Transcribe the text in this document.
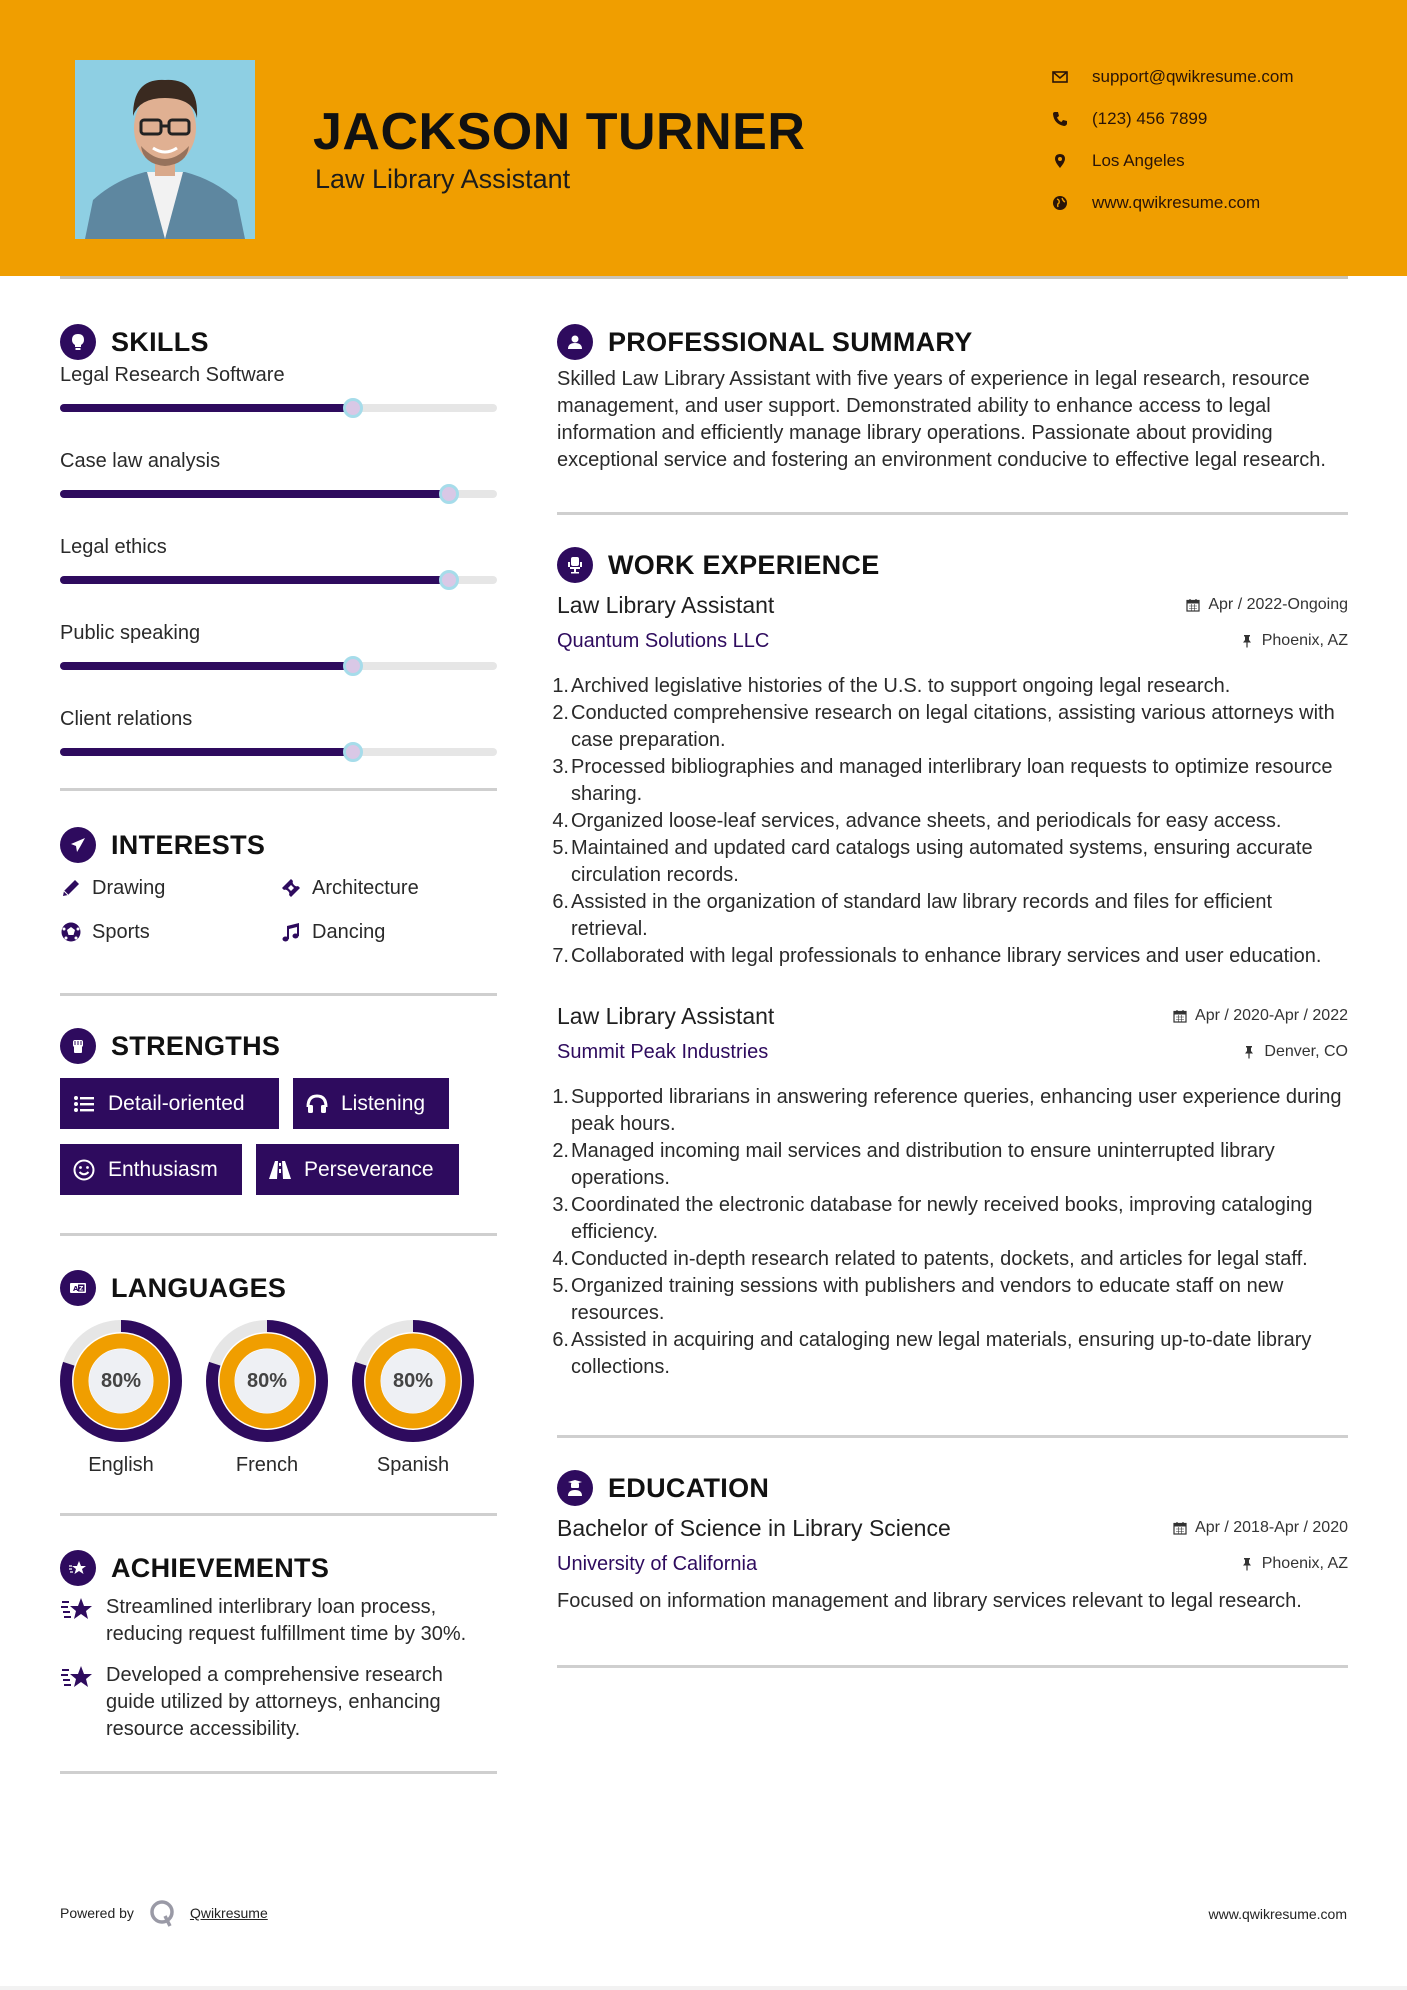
JACKSON TURNER
Law Library Assistant
support@qwikresume.com
(123) 456 7899
Los Angeles
www.qwikresume.com
SKILLS
Legal Research Software
Case law analysis
Legal ethics
Public speaking
Client relations
INTERESTS
Drawing	Architecture
Sports	Dancing
STRENGTHS
Detail-oriented	Listening
Enthusiasm	Perseverance
A Z LANGUAGES
80%
English
80%
French
80%
Spanish
ACHIEVEMENTS
Streamlined interlibrary loan process, reducing request fulfillment time by 30%.
Developed a comprehensive research guide utilized by attorneys, enhancing resource accessibility.
PROFESSIONAL SUMMARY

Skilled Law Library Assistant with five years of experience in legal research, resource management, and user support. Demonstrated ability to enhance access to legal information and efficiently manage library operations. Passionate about providing exceptional service and fostering an environment conducive to effective legal research.

WORK EXPERIENCE
Law Library Assistant	Apr / 2022-Ongoing
Quantum Solutions LLC	Phoenix, AZ
1. Archived legislative histories of the U.S. to support ongoing legal research.
2. Conducted comprehensive research on legal citations, assisting various attorneys with case preparation.
3. Processed bibliographies and managed interlibrary loan requests to optimize resource sharing.
4. Organized loose-leaf services, advance sheets, and periodicals for easy access.
5. Maintained and updated card catalogs using automated systems, ensuring accurate circulation records.
6. Assisted in the organization of standard law library records and files for efficient retrieval.
7. Collaborated with legal professionals to enhance library services and user education.
Law Library Assistant	Apr / 2020-Apr / 2022
Summit Peak Industries	Denver, CO
1. Supported librarians in answering reference queries, enhancing user experience during peak hours.
2. Managed incoming mail services and distribution to ensure uninterrupted library operations.
3. Coordinated the electronic database for newly received books, improving cataloging efficiency.
4. Conducted in-depth research related to patents, dockets, and articles for legal staff.
5. Organized training sessions with publishers and vendors to educate staff on new resources.
6. Assisted in acquiring and cataloging new legal materials, ensuring up-to-date library collections.
EDUCATION
Bachelor of Science in Library Science	Apr / 2018-Apr / 2020
University of California	Phoenix, AZ

Focused on information management and library services relevant to legal research.

Powered by	Qwikresume	www.qwikresume.com
